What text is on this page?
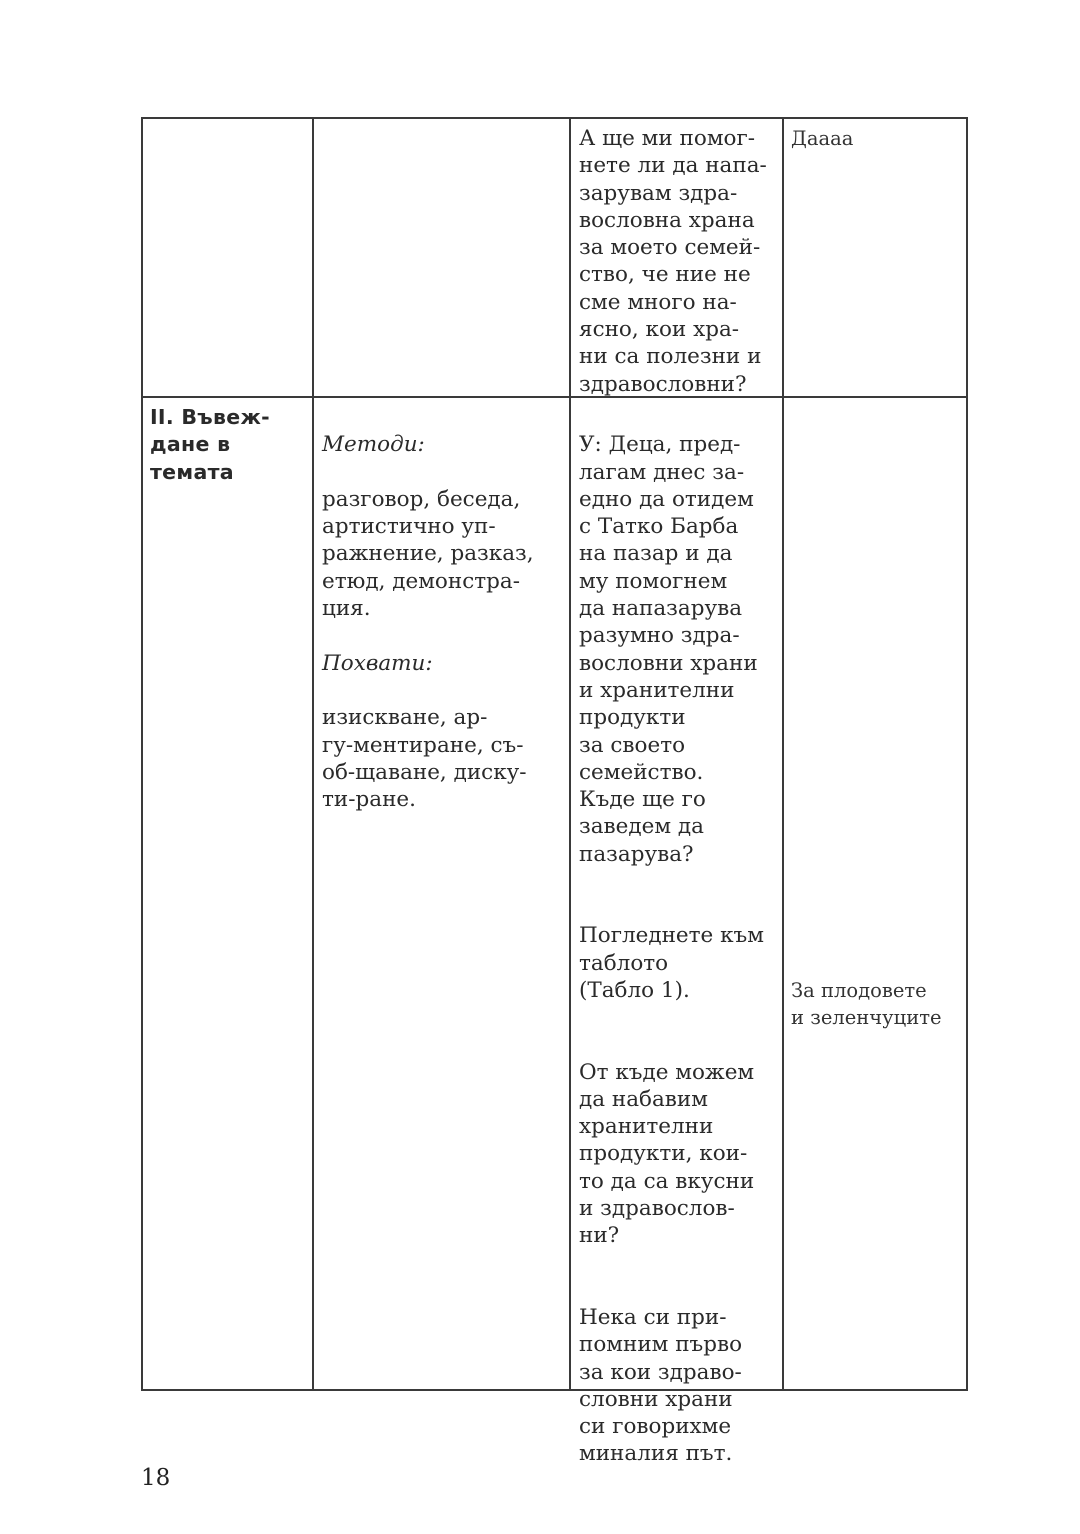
А ще ми помог-
нете ли да напа-
зарувам здра-
вословна храна
за моето семей-
ство, че ние не
сме много на-
ясно, кои хра-
ни са полезни и
здравословни?
Даааа
II. Въвеж-
дане в
темата

Методи:

разговор, беседа,
артистично уп-
ражнение, разказ,
етюд, демонстра-
ция.

Похвати:

изискване, ар-
гу-ментиране, съ-
об-щаване, диску-
ти-ране.

У: Деца, пред-
лагам днес за-
едно да отидем
с Татко Барба
на пазар и да
му помогнем
да напазарува
разумно здра-
вословни храни
и хранителни
продукти
за своето
семейство.
Къде ще го
заведем да
пазарува?

Погледнете към
таблото
(Табло 1).

От къде можем
да набавим
хранителни
продукти, кои-
то да са вкусни
и здравослов-
ни?

Нека си при-
помним първо
за кои здраво-
словни храни
си говорихме
миналия път.

За плодовете
и зеленчуците
18
